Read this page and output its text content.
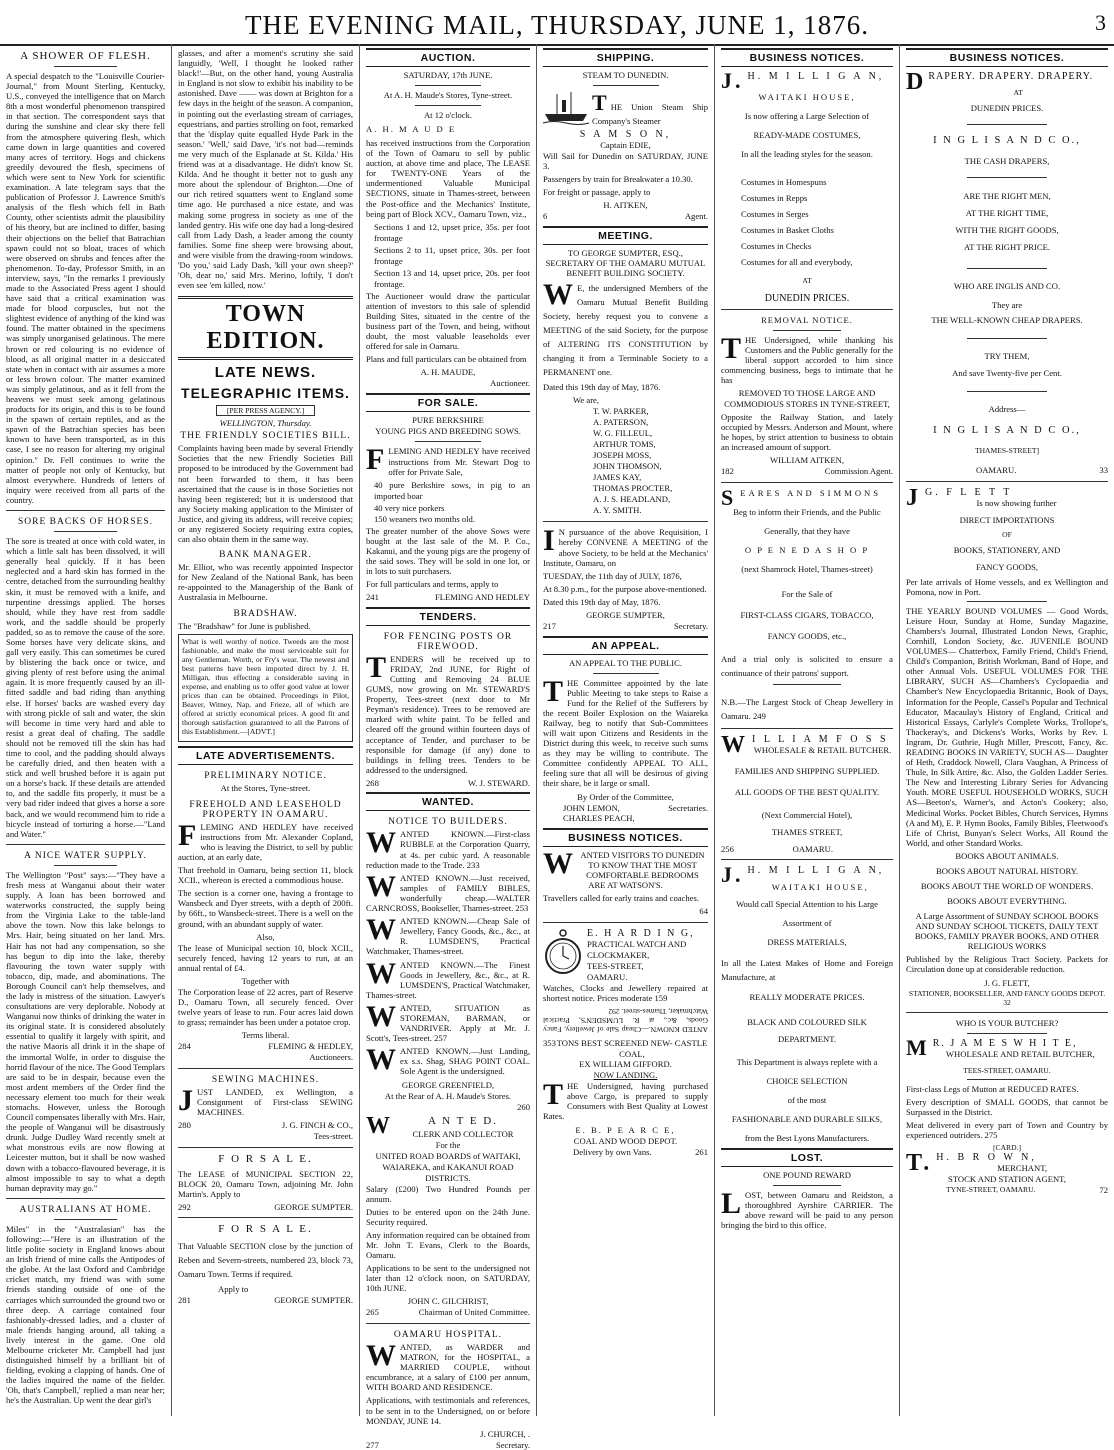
THE EVENING MAIL, THURSDAY, JUNE 1, 1876.	3
A SHOWER OF FLESH.

A special despatch to the "Louisville Courier-Journal," from Mount Sterling, Kentucky, U.S., conveyed the intelligence that on March 8th a most wonderful phenomenon transpired in that section. The correspondent says that during the sunshine and clear sky there fell from the atmosphere quivering flesh, which came down in large quantities and covered many acres of territory. Hogs and chickens greedily devoured the flesh, specimens of which were sent to New York for scientific examination. A late telegram says that the publication of Professor J. Lawrence Smith's analysis of the flesh which fell in Bath County, other scientists admit the plausibility of his theory, but are inclined to differ, basing their objections on the belief that Batrachian spawn could not so bloat, traces of which were observed on shrubs and fences after the phenomenon. To-day, Professor Smith, in an interview, says, "In the remarks I previously made to the Associated Press agent I should have said that a critical examination was made for blood corpuscles, but not the slightest evidence of anything of the kind was found. The matter obtained in the specimens was simply unorganised gelatinous. The mere brown or red colouring is no evidence of blood, as all original matter in a desiccated state when in contact with air assumes a more or less brown colour. The matter examined was simply gelatinous, and as it fell from the heavens we must seek among gelatinous products for its origin, and this is to be found in the spawn of certain reptiles, and as the spawn of the Batrachian species has been known to have been transported, as in this case, I see no reason for altering my original opinion." Dr. Fell continues to write the matter of people not only of Kentucky, but almost everywhere. Hundreds of letters of inquiry were received from all parts of the country.

SORE BACKS OF HORSES.

The sore is treated at once with cold water, in which a little salt has been dissolved, it will generally heal quickly. If it has been neglected and a hard skin has formed in the centre, detached from the surrounding healthy skin, it must be removed with a knife, and turpentine dressings applied. The horses should, while they have rest from saddle work, and the saddle should be properly padded, so as to remove the cause of the sore. Some horses have very delicate skins, and gall very easily. This can sometimes be cured by blistering the back once or twice, and giving plenty of rest before using the animal again. It is more frequently caused by an ill-fitted saddle and bad riding than anything else. If horses' backs are washed every day with strong pickle of salt and water, the skin will become in time very hard and able to resist a great deal of chafing. The saddle should not be removed till the skin has had time to cool, and the padding should always be carefully dried, and then beaten with a stick and well brushed before it is again put on a horse's back. If these details are attended to, and the saddle fits properly, it must be a very bad rider indeed that gives a horse a sore back, and we would recommend him to ride a bicycle instead of torturing a horse.—"Land and Water."

A NICE WATER SUPPLY.

The Wellington "Post" says:—"They have a fresh mess at Wanganui about their water supply. A loan has been borrowed and waterworks constructed, the supply being from the Virginia Lake to the table-land above the town. Now this lake belongs to Mrs. Hair, being situated on her land. Mrs. Hair has not had any compensation, so she has begun to dip into the lake, thereby flavouring the town water supply with tobacco, dip, made, and abominations. The Borough Council can't help themselves, and the lady is mistress of the situation. Lawyer's consultations are very deplorable. Nobody at Wanganui now thinks of drinking the water in its original state. It is considered absolutely essential to qualify it largely with spirit, and the native Maoris all drink it in the shape of the immortal Wolfe, in order to disguise the horrid flavour of the nice. The Good Templars are said to be in despair, because even the most ardent members of the Order find the necessary element too much for their weak stomachs. However, unless the Borough Council compensates liberally with Mrs. Hair, the people of Wanganui will be disastrously drunk. Judge Dudley Ward recently smelt at what monstrous evils are now flowing at Leicester mutton, but it shall be now washed down with a tobacco-flavoured beverage, it is almost impossible to say to what a depth human depravity may go."

AUSTRALIANS AT HOME.

Miles" in the "Australasian" has the following:—"Here is an illustration of the little polite society in England knows about an Irish friend of mine calls the Antipodes of the globe. At the last Oxford and Cambridge cricket match, my friend was with some friends standing outside of one of the carriages which surrounded the ground two or three deep. A carriage contained four fashionably-dressed ladies, and a cluster of male friends hanging around, all taking a lively interest in the game. One old Melbourne cricketer Mr. Campbell had just distinguished himself by a brilliant bit of fielding, evoking a clapping of hands. One of the ladies inquired the name of the fielder. 'Oh, that's Campbell,' replied a man near her; he's the Australian. Up went the dear girl's

glasses, and after a moment's scrutiny she said languidly, 'Well, I thought he looked rather black!'—But, on the other hand, young Australia in England is not slow to exhibit his inability to be astonished. Dave —— was down at Brighton for a few days in the height of the season. A companion, in pointing out the everlasting stream of carriages, equestrians, and parties strolling on foot, remarked that the 'display quite equalled Hyde Park in the season.' 'Well,' said Dave, 'it's not bad—reminds me very much of the Esplanade at St. Kilda.' His friend was at a disadvantage. He didn't know St. Kilda. And he thought it better not to gush any more about the splendour of Brighton.—One of our rich retired squatters went to England some time ago. He purchased a nice estate, and was making some progress in society as one of the landed gentry. His wife one day had a long-desired call from Lady Dash, a leader among the county families. Some fine sheep were browsing about, and were visible from the drawing-room windows. 'Do you,' said Lady Dash, 'kill your own sheep?' 'Oh, dear no,' said Mrs. Merino, loftily, 'I don't even see 'em killed, now.'

TOWN EDITION.
LATE NEWS.
TELEGRAPHIC ITEMS.
[PER PRESS AGENCY.]
WELLINGTON, Thursday.
THE FRIENDLY SOCIETIES BILL.

Complaints having been made by several Friendly Societies that the new Friendly Societies Bill proposed to be introduced by the Government had not been forwarded to them, it has been ascertained that the cause is in those Societies not having been registered; but it is understood that any Society making application to the Minister of Justice, and giving its address, will receive copies; or any registered Society requiring extra copies, can also obtain them in the same way.

BANK MANAGER.

Mr. Elliot, who was recently appointed Inspector for New Zealand of the National Bank, has been re-appointed to the Managership of the Bank of Australasia in Melbourne.

BRADSHAW.

The "Bradshaw" for June is published.

What is well worthy of notice. Tweeds are the most fashionable, and make the most serviceable suit for any Gentleman. Worth, or Fry's wear. The newest and best patterns have been imported direct by J. H. Milligan, thus effecting a considerable saving in expense, and enabling us to offer good value at lower prices than can be obtained. Proceedings in Pilot, Beaver, Witney, Nap, and Frieze, all of which are offered at strictly economical prices. A good fit and thorough satisfaction guaranteed to all the Patrons of this Establishment.—[ADVT.]

LATE ADVERTISEMENTS.
PRELIMINARY NOTICE.
At the Stores, Tyne-street.
FREEHOLD AND LEASEHOLD PROPERTY IN OAMARU.

FLEMING AND HEDLEY have received instructions from Mr. Alexander Copland, who is leaving the District, to sell by public auction, at an early date,

That freehold in Oamaru, being section 11, block XCII., whereon is erected a commodious house.

The section is a corner one, having a frontage to Wansbeck and Dyer streets, with a depth of 200ft. by 66ft., to Wansbeck-street. There is a well on the ground, with an abundant supply of water.

Also,

The lease of Municipal section 10, block XCII., securely fenced, having 12 years to run, at an annual rental of £4.

Together with

The Corporation lease of 22 acres, part of Reserve D., Oamaru Town, all securely fenced. Over twelve years of lease to run. Four acres laid down to grass; remainder has been under a potatoe crop.

Terms liberal.
284	FLEMING & HEDLEY,
Auctioneers.
SEWING MACHINES.

JUST LANDED, ex Wellington, a Consignment of First-class SEWING MACHINES.

280	J. G. FINCH & CO.,
Tees-street.
F O R S A L E.

The LEASE of MUNICIPAL SECTION 22, BLOCK 20, Oamaru Town, adjoining Mr. John Martin's. Apply to

292	GEORGE SUMPTER.
F O R S A L E.

That Valuable SECTION close by the junction of Reben and Severn-streets, numbered 23, block 73, Oamaru Town. Terms if required.

Apply to
281	GEORGE SUMPTER.
AUCTION.
SATURDAY, 17th JUNE.
At A. H. Maude's Stores, Tyne-street.
At 12 o'clock.
A. H. M A U D E

has received instructions from the Corporation of the Town of Oamaru to sell by public auction, at above time and place, The LEASE for TWENTY-ONE Years of the undermentioned Valuable Municipal SECTIONS, situate in Thames-street, between the Post-office and the Mechanics' Institute, being part of Block XCV., Oamaru Town, viz.,

Sections 1 and 12, upset price, 35s. per foot frontage

Sections 2 to 11, upset price, 30s. per foot frontage

Section 13 and 14, upset price, 20s. per foot frontage.

The Auctioneer would draw the particular attention of investors to this sale of splendid Building Sites, situated in the centre of the business part of the Town, and being, without doubt, the most valuable leaseholds ever offered for sale in Oamaru.

Plans and full particulars can be obtained from

A. H. MAUDE,
Auctioneer.
FOR SALE.
PURE BERKSHIRE
YOUNG PIGS AND BREEDING SOWS.

FLEMING AND HEDLEY have received instructions from Mr. Stewart Dog to offer for Private Sale,

40 pure Berkshire sows, in pig to an imported boar

40 very nice porkers

150 weaners two months old.

The greater number of the above Sows were bought at the last sale of the M. P. Co., Kakanui, and the young pigs are the progeny of the said sows. They will be sold in one lot, or in lots to suit purchasers.

For full particulars and terms, apply to

241	FLEMING AND HEDLEY
TENDERS.
FOR FENCING POSTS OR FIREWOOD.

TENDERS will be received up to FRIDAY, 2nd JUNE, for Right of Cutting and Removing 24 BLUE GUMS, now growing on Mr. STEWARD'S Property, Tees-street (next door to Mr Peyman's residence). Trees to be removed are marked with white paint. To be felled and cleared off the ground within fourteen days of acceptance of Tender, and purchaser to be responsible for damage (if any) done to buildings in felling trees. Tenders to be addressed to the undersigned.

268	W. J. STEWARD.
WANTED.
NOTICE TO BUILDERS.

WANTED KNOWN.—First-class RUBBLE at the Corporation Quarry, at 4s. per cubic yard. A reasonable reduction made to the Trade. 233

WANTED KNOWN.—Just received, samples of FAMILY BIBLES, wonderfully cheap.—WALTER CARNCROSS, Bookseller, Thames-street. 253

WANTED KNOWN.—Cheap Sale of Jewellery, Fancy Goods, &c., &c., at R. LUMSDEN'S, Practical Watchmaker, Thames-street.

WANTED KNOWN.—The Finest Goods in Jewellery, &c., &c., at R. LUMSDEN'S, Practical Watchmaker, Thames-street.

WANTED, SITUATION as STOREMAN, BARMAN, or VANDRIVER. Apply at Mr. J. Scott's, Tees-street. 257

WANTED KNOWN.—Just Landing, ex s.s. Shag, SHAG POINT COAL. Sole Agent is the undersigned.

GEORGE GREENFIELD,
At the Rear of A. H. Maude's Stores.
260
W	A N T E D.
CLERK AND COLLECTOR
For the
UNITED ROAD BOARDS of WAITAKI, WAIAREKA, and KAKANUI ROAD DISTRICTS.

Salary (£200) Two Hundred Pounds per annum.

Duties to be entered upon on the 24th June. Security required.

Any information required can be obtained from Mr. John T. Evans, Clerk to the Boards, Oamaru.

Applications to be sent to the undersigned not later than 12 o'clock noon, on SATURDAY, 10th JUNE.

JOHN C. GILCHRIST,
265	Chairman of United Committee.
OAMARU HOSPITAL.

WANTED, as WARDER and MATRON, for the HOSPITAL, a MARRIED COUPLE, without encumbrance, at a salary of £100 per annum, WITH BOARD AND RESIDENCE.

Applications, with testimonials and references, to be sent in to the Undersigned, on or before MONDAY, JUNE 14.

J. CHURCH, .
277	Secretary.
SHIPPING.
STEAM TO DUNEDIN.

THE Union Steam Ship Company's Steamer

S A M S O N,
Captain EDIE,

Will Sail for Dunedin on SATURDAY, JUNE 3.

Passengers by train for Breakwater a 10.30.

For freight or passage, apply to

H. AITKEN,
6	Agent.
MEETING.

TO GEORGE SUMPTER, ESQ., SECRETARY OF THE OAMARU MUTUAL BENEFIT BUILDING SOCIETY.

W E, the undersigned Members of the Oamaru Mutual Benefit Building Society, hereby request you to convene a MEETING of the said Society, for the purpose of ALTERING ITS CONSTITUTION by changing it from a Terminable Society to a PERMANENT one.

Dated this 19th day of May, 1876.

We are,
T. W. PARKER,
A. PATERSON,
W. G. FILLEUL,
ARTHUR TOMS,
JOSEPH MOSS,
JOHN THOMSON,
JAMES KAY,
THOMAS PROCTER,
A. J. S. HEADLAND,
A. Y. SMITH.

I N pursuance of the above Requisition, I hereby CONVENE A MEETING of the above Society, to be held at the Mechanics' Institute, Oamaru, on

TUESDAY, the 11th day of JULY, 1876,

At 8.30 p.m., for the purpose above-mentioned.

Dated this 19th day of May, 1876.

GEORGE SUMPTER,
217	Secretary.
AN APPEAL.
AN APPEAL TO THE PUBLIC.

THE Committee appointed by the late Public Meeting to take steps to Raise a Fund for the Relief of the Sufferers by the recent Boiler Explosion on the Waiareka Railway, beg to notify that Sub-Committees will wait upon Citizens and Residents in the District during this week, to receive such sums as they may be willing to contribute. The Committee confidently APPEAL TO ALL, feeling sure that all will be desirous of giving their share, be it large or small.

By Order of the Committee,
JOHN LEMON,
CHARLES PEACH,
Secretaries.
BUSINESS NOTICES.

WANTED VISITORS TO DUNEDIN TO KNOW THAT THE MOST COMFORTABLE BEDROOMS ARE AT WATSON'S.

Travellers called for early trains and coaches.

64
E. H A R D I N G,
PRACTICAL WATCH AND
CLOCKMAKER,
TEES-STREET,
OAMARU.

Watches, Clocks and Jewellery repaired at shortest notice. Prices moderate 159

ANTED KNOWN.—Cheap Sale of Jewellery, Fancy Goods, &c., at R. LUMSDEN'S, Practical Watchmaker, Thames-street. 292

353 TONS BEST SCREENED NEW- CASTLE COAL,
EX WILLIAM GIFFORD.
NOW LANDING.

THE Undersigned, having purchased above Cargo, is prepared to supply Consumers with Best Quality at Lowest Rates.

E. B. P E A R C E,
COAL AND WOOD DEPOT.
Delivery by own Vans.	261
BUSINESS NOTICES.
J. H. M I L L I G A N,
WAITAKI HOUSE,
Is now offering a Large Selection of
READY-MADE COSTUMES,
In all the leading styles for the season.
Costumes in Homespuns
Costumes in Repps
Costumes in Serges
Costumes in Basket Cloths
Costumes in Checks
Costumes for all and everybody,
AT
DUNEDIN PRICES.
REMOVAL NOTICE.

THE Undersigned, while thanking his Customers and the Public generally for the liberal support accorded to him since commencing business, begs to intimate that he has

REMOVED TO THOSE LARGE AND COMMODIOUS STORES IN TYNE-STREET,

Opposite the Railway Station, and lately occupied by Messrs. Anderson and Mount, where he hopes, by strict attention to business to obtain an increased amount of support.

WILLIAM AITKEN,
182	Commission Agent.
SEARES AND SIMMONS
Beg to inform their Friends, and the Public
Generally, that they have
O P E N E D A S H O P
(next Shamrock Hotel, Thames-street)
For the Sale of
FIRST-CLASS CIGARS, TOBACCO,
FANCY GOODS, etc.,

And a trial only is solicited to ensure a continuance of their patrons' support.

N.B.—The Largest Stock of Cheap Jewellery in Oamaru. 249

W I L L I A M F O S S
WHOLESALE & RETAIL BUTCHER.
FAMILIES AND SHIPPING SUPPLIED.
ALL GOODS OF THE BEST QUALITY.
(Next Commercial Hotel),
THAMES STREET,
256	OAMARU.
J. H. M I L L I G A N,
WAITAKI HOUSE,
Would call Special Attention to his Large
Assortment of
DRESS MATERIALS,

In all the Latest Makes of Home and Foreign Manufacture, at

REALLY MODERATE PRICES.
BLACK AND COLOURED SILK
DEPARTMENT.
This Department is always replete with a
CHOICE SELECTION
of the most
FASHIONABLE AND DURABLE SILKS,
from the Best Lyons Manufacturers.
LOST.
ONE POUND REWARD

LOST, between Oamaru and Reidston, a thoroughbred Ayrshire CARRIER. The above reward will be paid to any person bringing the bird to this office.

BUSINESS NOTICES.
DRAPERY. DRAPERY. DRAPERY.
AT
DUNEDIN PRICES.
I N G L I S A N D C O.,
THE CASH DRAPERS,
ARE THE RIGHT MEN,
AT THE RIGHT TIME,
WITH THE RIGHT GOODS,
AT THE RIGHT PRICE.
WHO ARE INGLIS AND CO.
They are
THE WELL-KNOWN CHEAP DRAPERS.
TRY THEM,
And save Twenty-five per Cent.
Address—
I N G L I S A N D C O.,
THAMES-STREET]
OAMARU.	33
J G. F L E T T
Is now showing further
DIRECT IMPORTATIONS
OF
BOOKS, STATIONERY, AND
FANCY GOODS,

Per late arrivals of Home vessels, and ex Wellington and Pomona, now in Port.

THE YEARLY BOUND VOLUMES — Good Words, Leisure Hour, Sunday at Home, Sunday Magazine, Chambers's Journal, Illustrated London News, Graphic, Cornhill, London Society, &c. JUVENILE BOUND VOLUMES— Chatterbox, Family Friend, Child's Friend, Child's Companion, British Workman, Band of Hope, and other Annual Vols. USEFUL VOLUMES FOR THE LIBRARY, SUCH AS—Chambers's Cyclopaedia and Chamber's New Encyclopaedia Britannic, Book of Days, Information for the People, Cassel's Popular and Technical Educator, Macaulay's History of England, Critical and Historical Essays, Carlyle's Complete Works, Trollope's, Thackeray's, and Dickens's Works, Works by Rev. I. Ingram, Dr. Guthrie, Hugh Miller, Prescott, Fancy, &c. READING BOOKS IN VARIETY, SUCH AS— Daughter of Heth, Craddock Nowell, Clara Vaughan, A Princess of Thule, In Silk Attire, &c. Also, the Golden Ladder Series. The New and Interesting Library Series for Advancing Youth. MORE USEFUL HOUSEHOLD WORKS, SUCH AS—Beeton's, Warner's, and Acton's Cookery; also, Medicinal Works. Pocket Bibles, Church Services, Hymns (A and M), E. P. Hymn Books, Family Bibles, Fleetwood's Life of Christ, Bunyan's Select Works, All Round the World, and other Standard Works.

BOOKS ABOUT ANIMALS.
BOOKS ABOUT NATURAL HISTORY.
BOOKS ABOUT THE WORLD OF WONDERS.
BOOKS ABOUT EVERYTHING.

A Large Assortment of SUNDAY SCHOOL BOOKS AND SUNDAY SCHOOL TICKETS, DAILY TEXT BOOKS, FAMILY PRAYER BOOKS, AND OTHER RELIGIOUS WORKS

Published by the Religious Tract Society. Packets for Circulation done up at considerable reduction.

J. G. FLETT,

STATIONER, BOOKSELLER, AND FANCY GOODS DEPOT. 32

WHO IS YOUR BUTCHER?
M R. J A M E S W H I T E,
WHOLESALE AND RETAIL BUTCHER,
TEES-STREET, OAMARU.

First-class Legs of Mutton at REDUCED RATES.

Every description of SMALL GOODS, that cannot be Surpassed in the District.

Meat delivered in every part of Town and Country by experienced outriders. 275

[CARD.]
T. H. B R O W N,
MERCHANT,
STOCK AND STATION AGENT,
TYNE-STREET, OAMARU.	72
